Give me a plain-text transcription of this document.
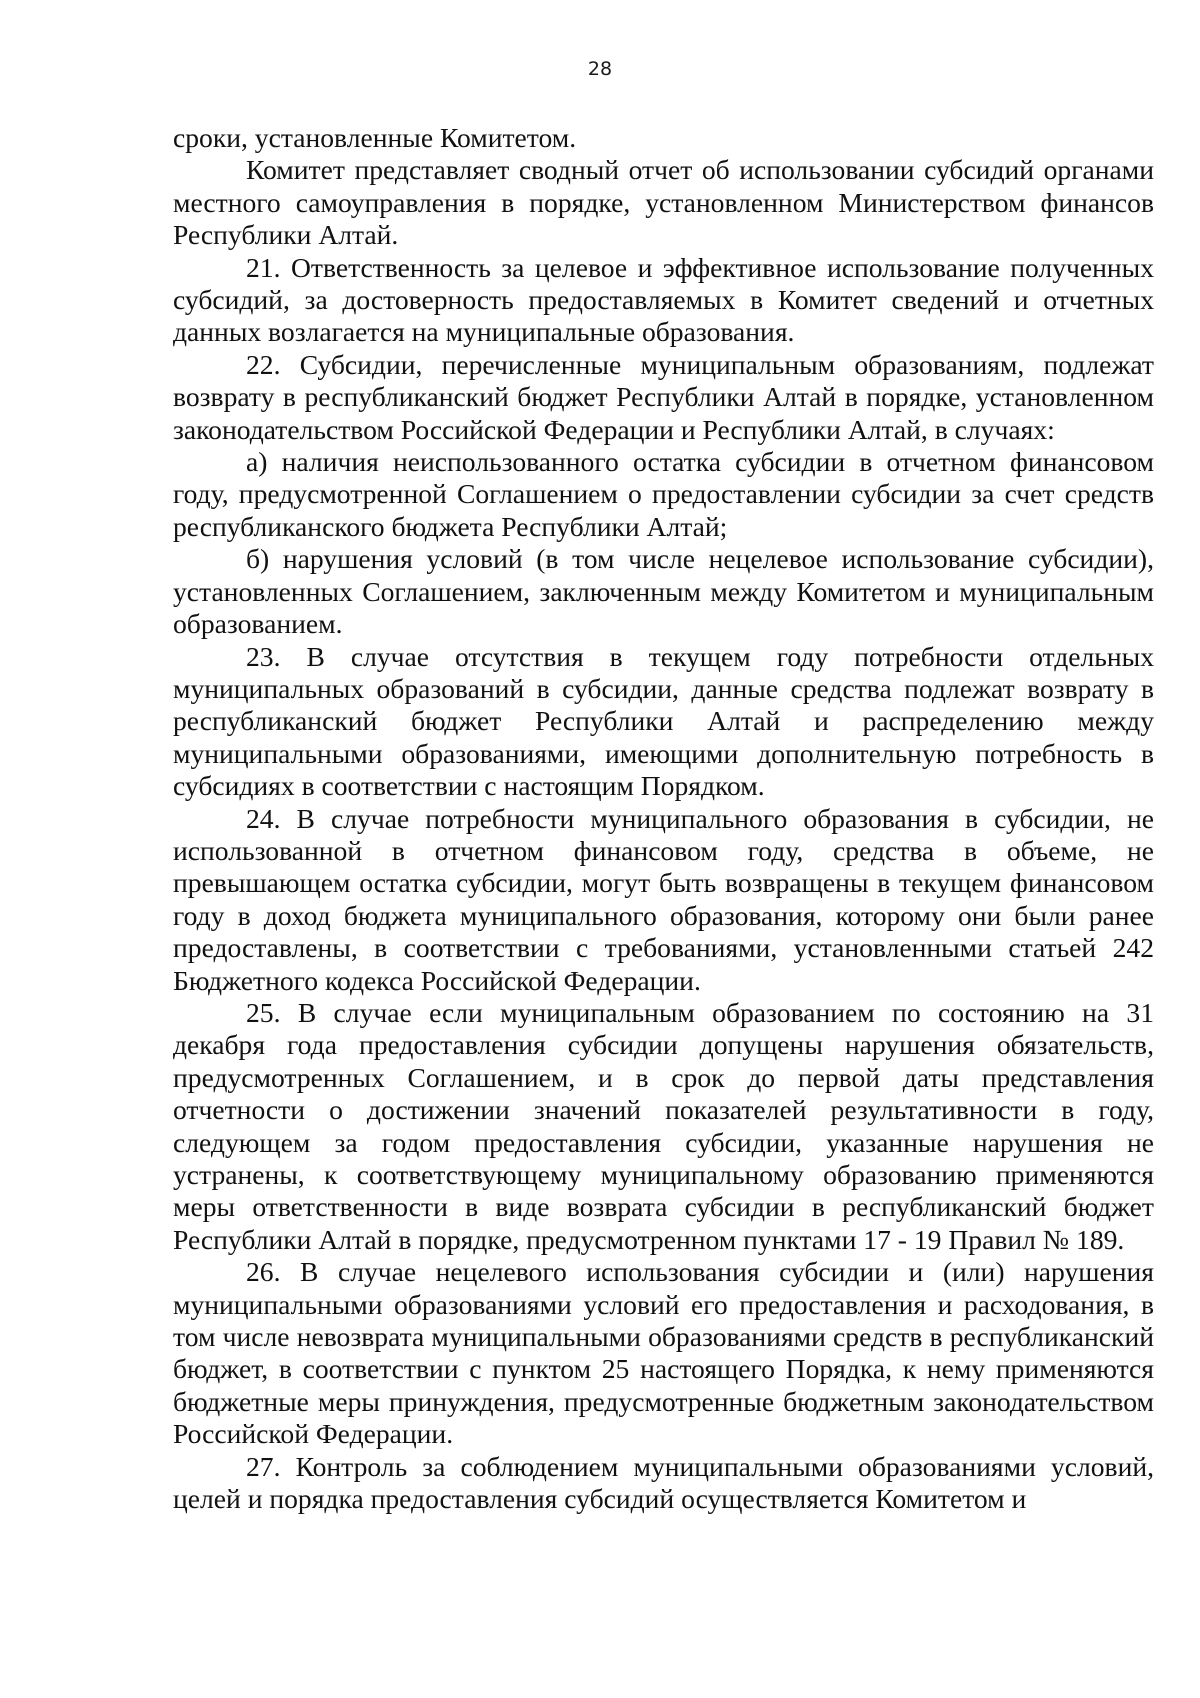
28

сроки, установленные Комитетом.

Комитет представляет сводный отчет об использовании субсидий органами местного самоуправления в порядке, установленном Министерством финансов Республики Алтай.

21. Ответственность за целевое и эффективное использование полученных субсидий, за достоверность предоставляемых в Комитет сведений и отчетных данных возлагается на муниципальные образования.

22. Субсидии, перечисленные муниципальным образованиям, подлежат возврату в республиканский бюджет Республики Алтай в порядке, установленном законодательством Российской Федерации и Республики Алтай, в случаях:

а) наличия неиспользованного остатка субсидии в отчетном финансовом году, предусмотренной Соглашением о предоставлении субсидии за счет средств республиканского бюджета Республики Алтай;

б) нарушения условий (в том числе нецелевое использование субсидии), установленных Соглашением, заключенным между Комитетом и муниципальным образованием.

23. В случае отсутствия в текущем году потребности отдельных муниципальных образований в субсидии, данные средства подлежат возврату в республиканский бюджет Республики Алтай и распределению между муниципальными образованиями, имеющими дополнительную потребность в субсидиях в соответствии с настоящим Порядком.

24. В случае потребности муниципального образования в субсидии, не использованной в отчетном финансовом году, средства в объеме, не превышающем остатка субсидии, могут быть возвращены в текущем финансовом году в доход бюджета муниципального образования, которому они были ранее предоставлены, в соответствии с требованиями, установленными статьей 242 Бюджетного кодекса Российской Федерации.

25. В случае если муниципальным образованием по состоянию на 31 декабря года предоставления субсидии допущены нарушения обязательств, предусмотренных Соглашением, и в срок до первой даты представления отчетности о достижении значений показателей результативности в году, следующем за годом предоставления субсидии, указанные нарушения не устранены, к соответствующему муниципальному образованию применяются меры ответственности в виде возврата субсидии в республиканский бюджет Республики Алтай в порядке, предусмотренном пунктами 17 - 19 Правил № 189.

26. В случае нецелевого использования субсидии и (или) нарушения муниципальными образованиями условий его предоставления и расходования, в том числе невозврата муниципальными образованиями средств в республиканский бюджет, в соответствии с пунктом 25 настоящего Порядка, к нему применяются бюджетные меры принуждения, предусмотренные бюджетным законодательством Российской Федерации.

27. Контроль за соблюдением муниципальными образованиями условий, целей и порядка предоставления субсидий осуществляется Комитетом и
